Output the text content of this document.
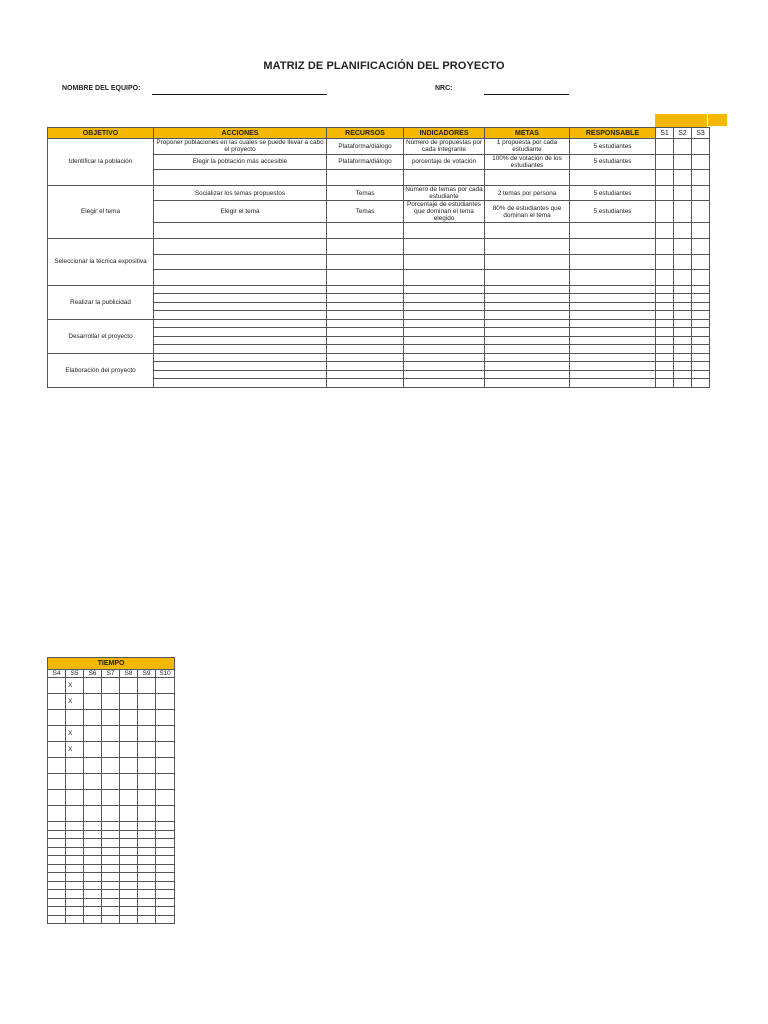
MATRIZ DE PLANIFICACIÓN DEL PROYECTO
NOMBRE DEL EQUIPO:	NRC:
OBJETIVO	ACCIONES	RECURSOS	INDICADORES	METAS	RESPONSABLE	S1	S2	S3
Identificar la población	Proponer poblaciones en las cuales se puede llevar a cabo el proyecto	Plataforma/diálogo	Número de propuestas por cada integrante	1 propuesta por cada estudiante	5 estudiantes			
	Elegir la población más accesible	Plataforma/diálogo	porcentaje de votación	100% de votación de los estudiantes	5 estudiantes			

Elegir el tema	Socializar los temas propuestos	Temas	Número de temas por cada estudiante	2 temas por persona	5 estudiantes			
	Elegir el tema	Temas	Porcentaje de estudiantes que dominan el tema elegido	80% de estudiantes que dominan el tema	5 estudiantes			

Seleccionar la técnica expositiva								

Realizar la publicidad								

Desarrollar el proyecto								

Elaboración del proyecto								

TIEMPO						
S4	S5	S6	S7	S8	S9	S10
	X					
	X					

	X					
	X					
